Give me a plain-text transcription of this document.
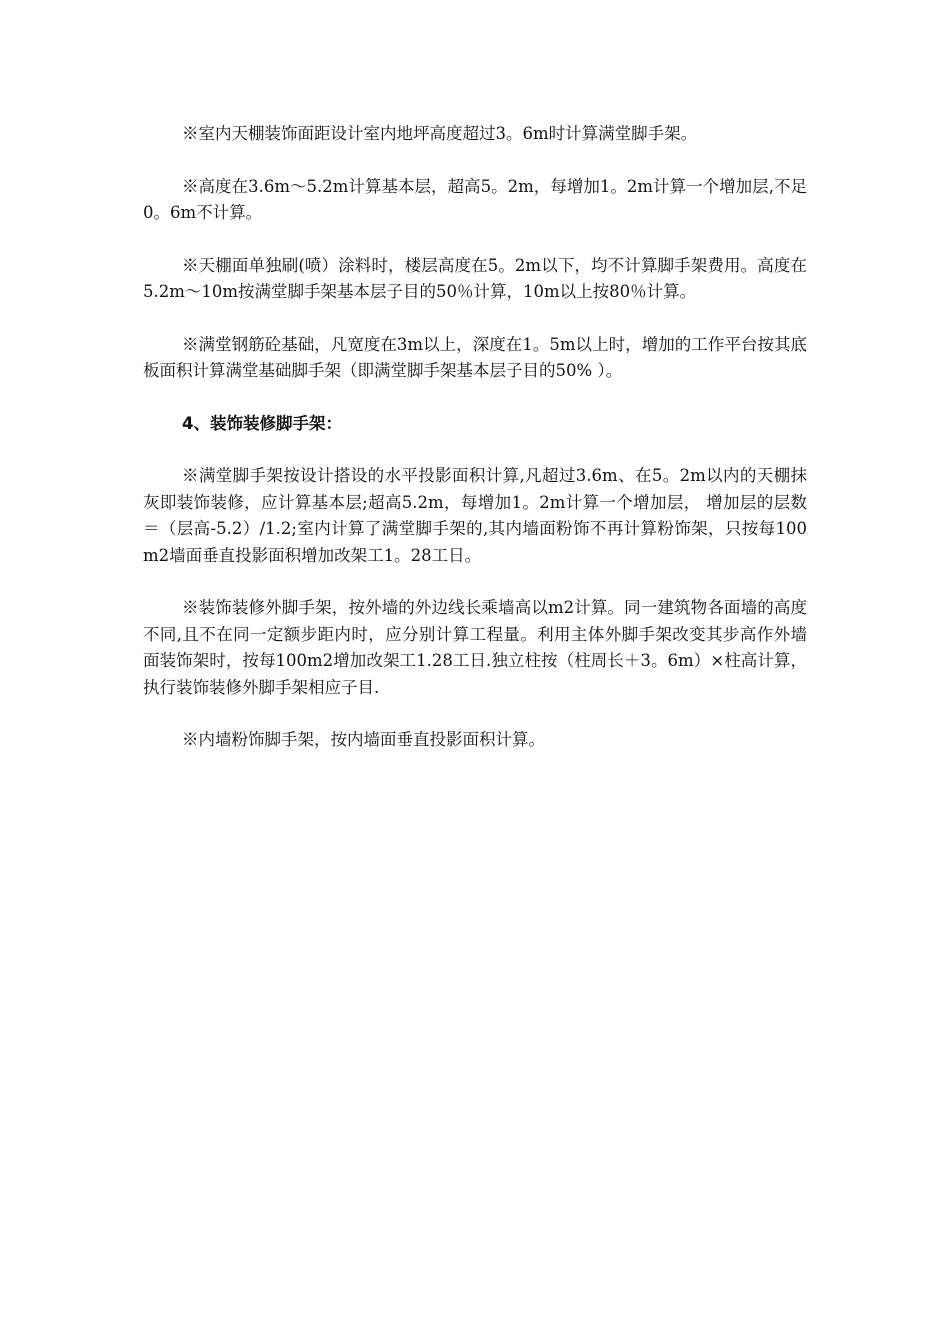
※室内天棚装饰面距设计室内地坪高度超过3。6m时计算满堂脚手架。

※高度在3.6m～5.2m计算基本层，超高5。2m，每增加1。2m计算一个增加层,不足0。6m不计算。

※天棚面单独刷(喷）涂料时，楼层高度在5。2m以下，均不计算脚手架费用。高度在5.2m～10m按满堂脚手架基本层子目的50％计算，10m以上按80％计算。

※满堂钢筋砼基础，凡宽度在3m以上，深度在1。5m以上时，增加的工作平台按其底板面积计算满堂基础脚手架（即满堂脚手架基本层子目的50% ）。

4、装饰装修脚手架：

※满堂脚手架按设计搭设的水平投影面积计算,凡超过3.6m、在5。2m以内的天棚抹灰即装饰装修，应计算基本层;超高5.2m，每增加1。2m计算一个增加层， 增加层的层数＝（层高-5.2）/1.2;室内计算了满堂脚手架的,其内墙面粉饰不再计算粉饰架，只按每100m2墙面垂直投影面积增加改架工1。28工日。

※装饰装修外脚手架，按外墙的外边线长乘墙高以m2计算。同一建筑物各面墙的高度不同,且不在同一定额步距内时，应分别计算工程量。利用主体外脚手架改变其步高作外墙面装饰架时，按每100m2增加改架工1.28工日.独立柱按（柱周长＋3。6m）×柱高计算，执行装饰装修外脚手架相应子目.

※内墙粉饰脚手架，按内墙面垂直投影面积计算。
